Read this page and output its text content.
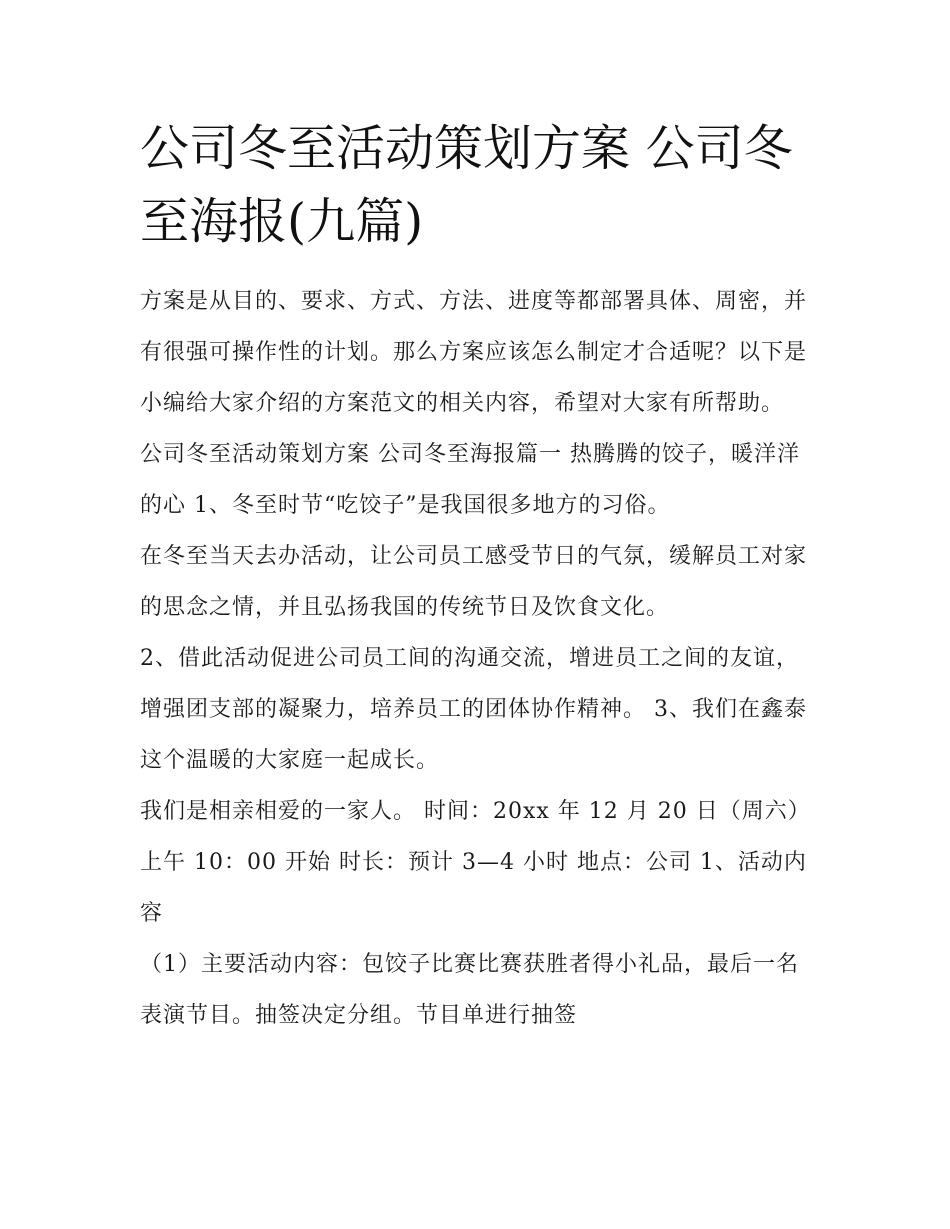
公司冬至活动策划方案 公司冬至海报(九篇)

方案是从目的、要求、方式、方法、进度等都部署具体、周密，并有很强可操作性的计划。那么方案应该怎么制定才合适呢？以下是小编给大家介绍的方案范文的相关内容，希望对大家有所帮助。

公司冬至活动策划方案 公司冬至海报篇一 热腾腾的饺子，暖洋洋的心 1、冬至时节“吃饺子”是我国很多地方的习俗。

在冬至当天去办活动，让公司员工感受节日的气氛，缓解员工对家的思念之情，并且弘扬我国的传统节日及饮食文化。

2、借此活动促进公司员工间的沟通交流，增进员工之间的友谊，增强团支部的凝聚力，培养员工的团体协作精神。 3、我们在鑫泰这个温暖的大家庭一起成长。

我们是相亲相爱的一家人。 时间：20xx 年 12 月 20 日（周六）上午 10：00 开始 时长：预计 3—4 小时 地点：公司 1、活动内容

（1）主要活动内容：包饺子比赛比赛获胜者得小礼品，最后一名表演节目。抽签决定分组。节目单进行抽签
